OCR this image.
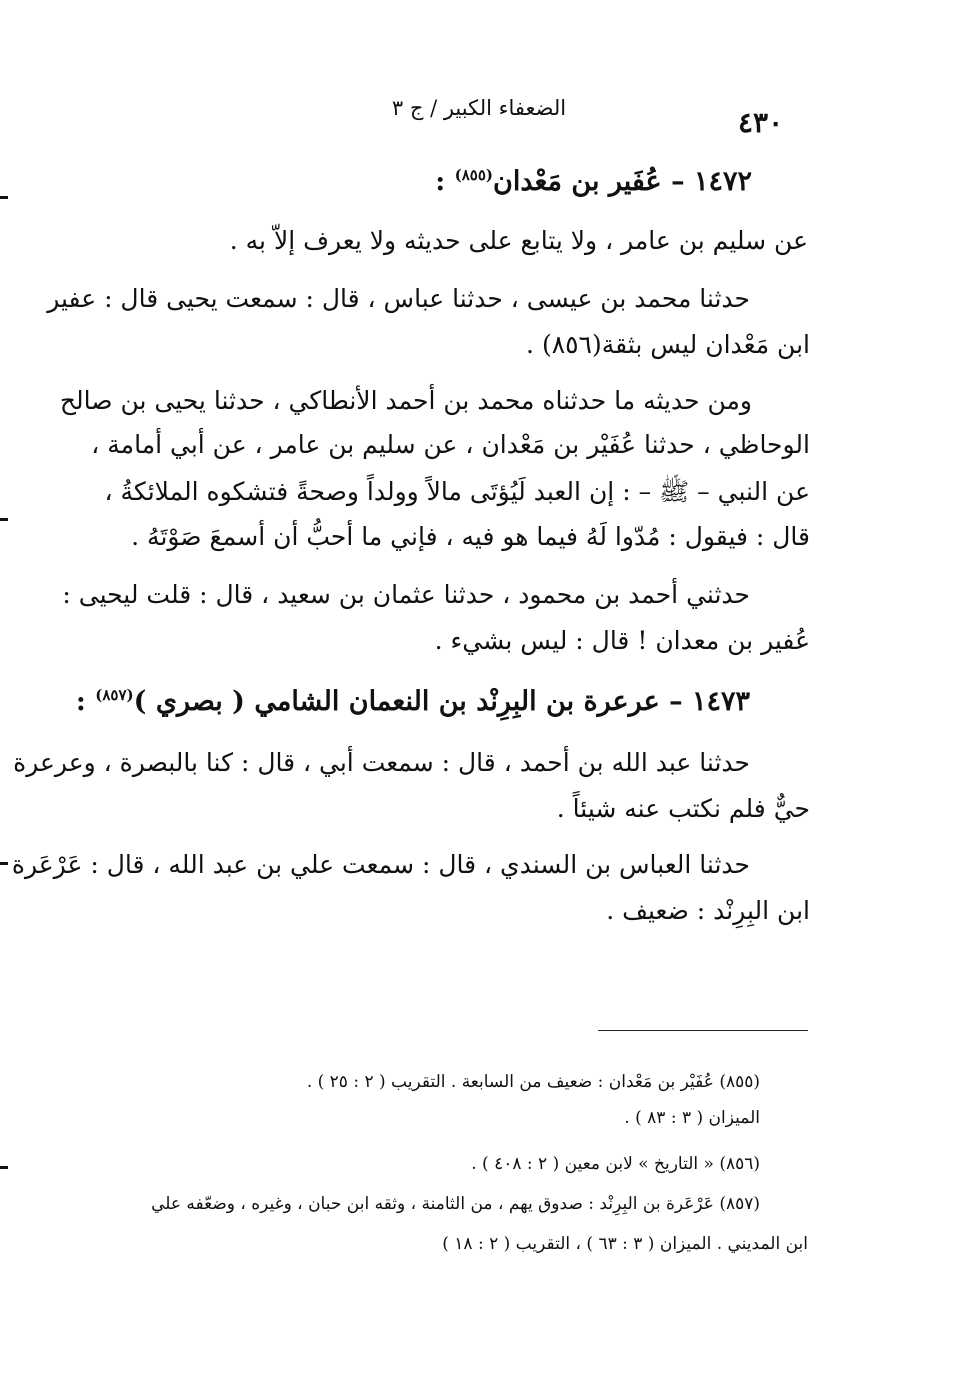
الضعفاء الكبير / ج ٣	٤٣٠
١٤٧٢ – عُفَير بن مَعْدان$^{(٨٥٥)}$ :
عن سليم بن عامر ، ولا يتابع على حديثه ولا يعرف إلاّ به .
حدثنا محمد بن عيسى ، حدثنا عباس ، قال : سمعت يحيى قال : عفير
ابن مَعْدان ليس بثقة(٨٥٦) .
ومن حديثه ما حدثناه محمد بن أحمد الأنطاكي ، حدثنا يحيى بن صالح
الوحاظي ، حدثنا عُفَيْر بن مَعْدان ، عن سليم بن عامر ، عن أبي أمامة ،
عن النبي – ﷺ – : إن العبد لَيُؤتَى مالاً وولداً وصحةً فتشكوه الملائكةُ ،
قال : فيقول : مُدّوا لَهُ فيما هو فيه ، فإني ما أحبُّ أن أسمعَ صَوْتَهُ .
حدثني أحمد بن محمود ، حدثنا عثمان بن سعيد ، قال : قلت ليحيى :
عُفير بن معدان ! قال : ليس بشيء .
١٤٧٣ – عرعرة بن البِرِنْد بن النعمان الشامي ( بصري )$^{(٨٥٧)}$ :
حدثنا عبد الله بن أحمد ، قال : سمعت أبي ، قال : كنا بالبصرة ، وعرعرة
حيٌّ فلم نكتب عنه شيئاً .
حدثنا العباس بن السندي ، قال : سمعت علي بن عبد الله ، قال : عَرْعَرة
ابن البِرِنْد : ضعيف .
(٨٥٥) عُفَيْر بن مَعْدان : ضعيف من السابعة . التقريب ( ٢ : ٢٥ ) .
الميزان ( ٣ : ٨٣ ) .
(٨٥٦) « التاريخ » لابن معين ( ٢ : ٤٠٨ ) .
(٨٥٧) عَرْعَرة بن البِرِنْد : صدوق يهم ، من الثامنة ، وثقه ابن حبان ، وغيره ، وضعّفه علي
ابن المديني . الميزان ( ٣ : ٦٣ ) ، التقريب ( ٢ : ١٨ )
